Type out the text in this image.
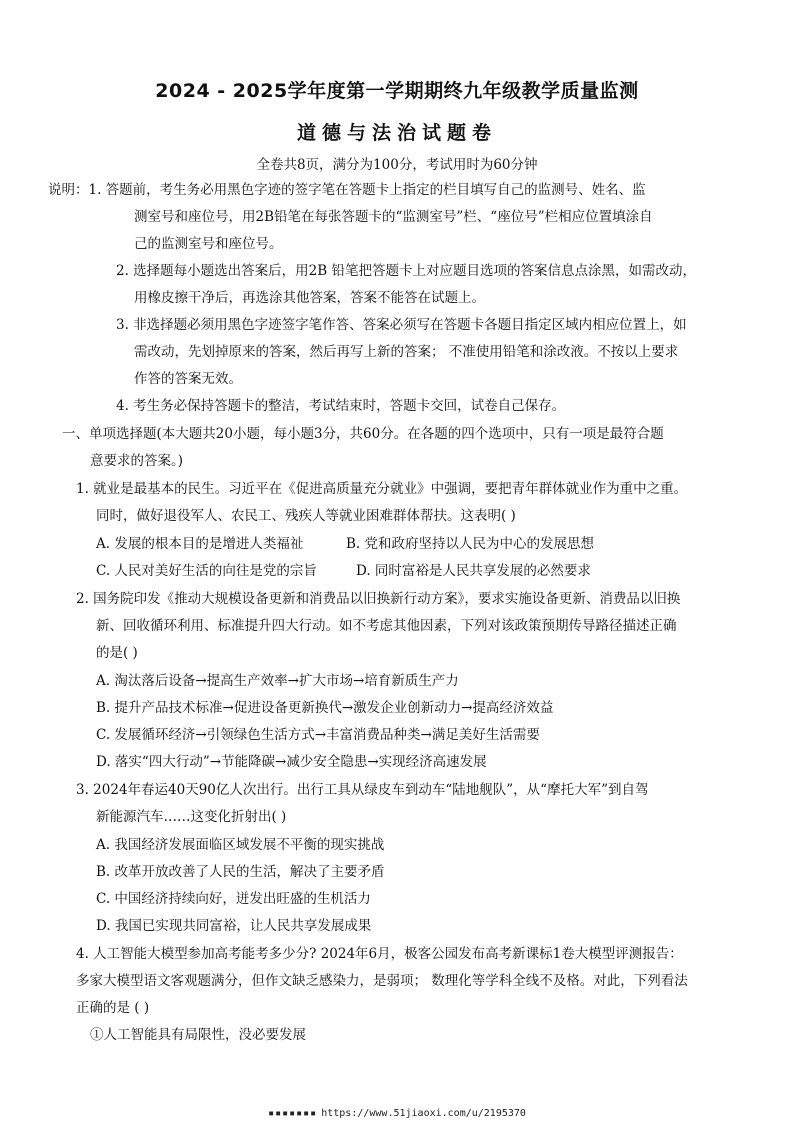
2024 - 2025学年度第一学期期终九年级教学质量监测
道德与法治试题卷
全卷共8页，满分为100分，考试用时为60分钟
说明：1. 答题前，考生务必用黑色字迹的签字笔在答题卡上指定的栏目填写自己的监测号、姓名、监
测室号和座位号，用2B铅笔在每张答题卡的“监测室号”栏、“座位号”栏相应位置填涂自
己的监测室号和座位号。
2. 选择题每小题选出答案后，用2B 铅笔把答题卡上对应题目选项的答案信息点涂黑，如需改动，
用橡皮擦干净后，再选涂其他答案，答案不能答在试题上。
3. 非选择题必须用黑色字迹签字笔作答、答案必须写在答题卡各题目指定区域内相应位置上，如
需改动，先划掉原来的答案，然后再写上新的答案； 不准使用铅笔和涂改液。不按以上要求
作答的答案无效。
4. 考生务必保持答题卡的整洁，考试结束时，答题卡交回，试卷自己保存。
一、单项选择题(本大题共20小题，每小题3分，共60分。在各题的四个选项中，只有一项是最符合题
意要求的答案。)
1. 就业是最基本的民生。习近平在《促进高质量充分就业》中强调，要把青年群体就业作为重中之重。
同时，做好退役军人、农民工、残疾人等就业困难群体帮扶。这表明( )
A. 发展的根本目的是增进人类福祉	B. 党和政府坚持以人民为中心的发展思想
C. 人民对美好生活的向往是党的宗旨	D. 同时富裕是人民共享发展的必然要求
2. 国务院印发《推动大规模设备更新和消费品以旧换新行动方案》，要求实施设备更新、消费品以旧换
新、回收循环利用、标准提升四大行动。如不考虑其他因素，下列对该政策预期传导路径描述正确
的是( )
A. 淘汰落后设备→提高生产效率→扩大市场→培育新质生产力
B. 提升产品技术标准→促进设备更新换代→激发企业创新动力→提高经济效益
C. 发展循环经济→引领绿色生活方式→丰富消费品种类→满足美好生活需要
D. 落实“四大行动”→节能降碳→减少安全隐患→实现经济高速发展
3. 2024年春运40天90亿人次出行。出行工具从绿皮车到动车“陆地舰队”，从“摩托大军”到自驾
新能源汽车……这变化折射出( )
A. 我国经济发展面临区域发展不平衡的现实挑战
B. 改革开放改善了人民的生活，解决了主要矛盾
C. 中国经济持续向好，迸发出旺盛的生机活力
D. 我国已实现共同富裕，让人民共享发展成果
4. 人工智能大模型参加高考能考多少分? 2024年6月，极客公园发布高考新课标1卷大模型评测报告：
多家大模型语文客观题满分，但作文缺乏感染力，是弱项； 数理化等学科全线不及格。对此，下列看法
正确的是 ( )
①人工智能具有局限性，没必要发展
▪▪▪▪▪▪▪ https://www.51jiaoxi.com/u/2195370
